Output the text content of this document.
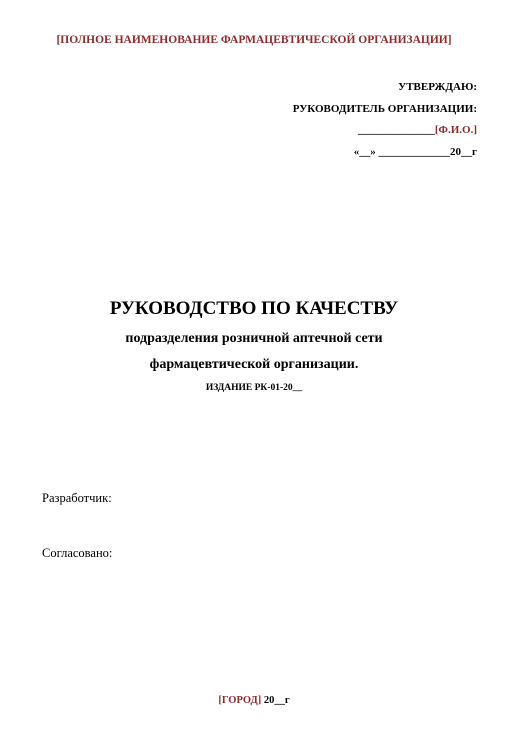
[ПОЛНОЕ НАИМЕНОВАНИЕ ФАРМАЦЕВТИЧЕСКОЙ ОРГАНИЗАЦИИ]
УТВЕРЖДАЮ:
РУКОВОДИТЕЛЬ ОРГАНИЗАЦИИ:
______________[Ф.И.О.]
«__» _____________20__г
РУКОВОДСТВО ПО КАЧЕСТВУ
подразделения розничной аптечной сети
фармацевтической организации.
ИЗДАНИЕ РК-01-20__
Разработчик:
Согласовано:
[ГОРОД] 20__г
